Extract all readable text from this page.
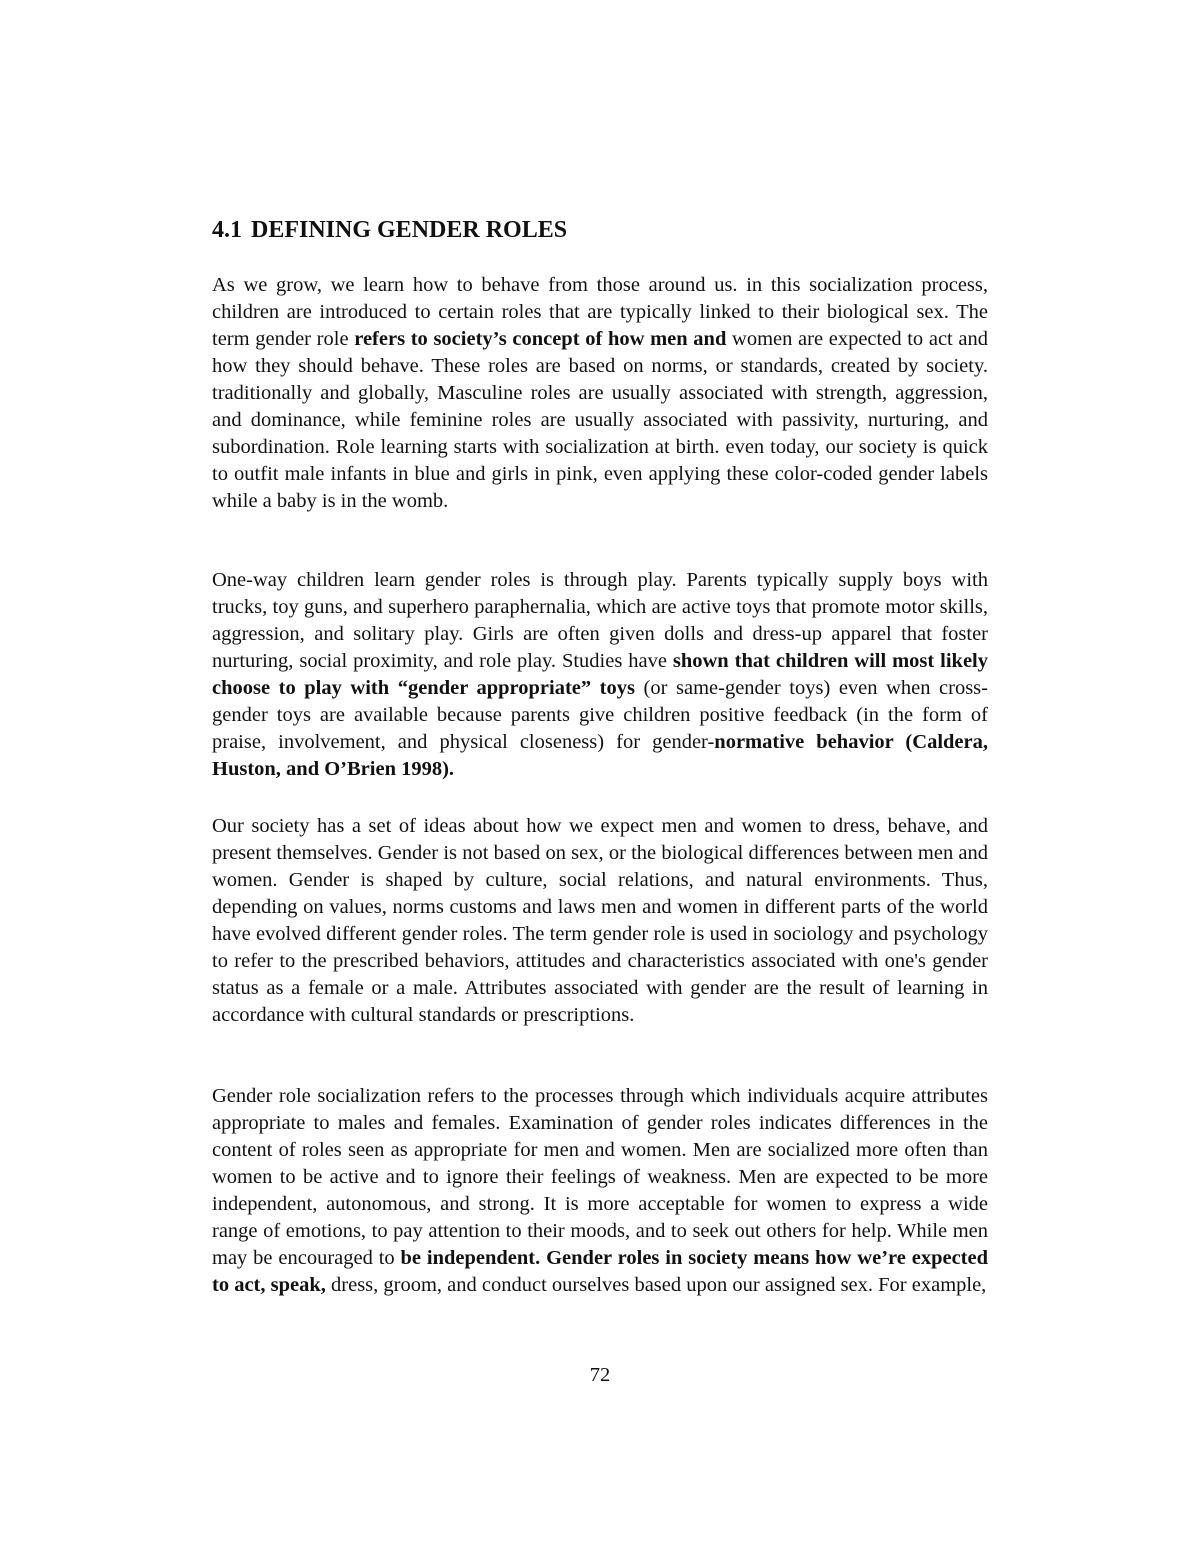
4.1 DEFINING GENDER ROLES

As we grow, we learn how to behave from those around us. in this socialization process, children are introduced to certain roles that are typically linked to their biological sex. The term gender role refers to society’s concept of how men and women are expected to act and how they should behave. These roles are based on norms, or standards, created by society. traditionally and globally, Masculine roles are usually associated with strength, aggression, and dominance, while feminine roles are usually associated with passivity, nurturing, and subordination. Role learning starts with socialization at birth. even today, our society is quick to outfit male infants in blue and girls in pink, even applying these color-coded gender labels while a baby is in the womb.

One-way children learn gender roles is through play. Parents typically supply boys with trucks, toy guns, and superhero paraphernalia, which are active toys that promote motor skills, aggression, and solitary play. Girls are often given dolls and dress-up apparel that foster nurturing, social proximity, and role play. Studies have shown that children will most likely choose to play with “gender appropriate” toys (or same-gender toys) even when cross-gender toys are available because parents give children positive feedback (in the form of praise, involvement, and physical closeness) for gender-normative behavior (Caldera, Huston, and O’Brien 1998).

Our society has a set of ideas about how we expect men and women to dress, behave, and present themselves. Gender is not based on sex, or the biological differences between men and women. Gender is shaped by culture, social relations, and natural environments. Thus, depending on values, norms customs and laws men and women in different parts of the world have evolved different gender roles. The term gender role is used in sociology and psychology to refer to the prescribed behaviors, attitudes and characteristics associated with one's gender status as a female or a male. Attributes associated with gender are the result of learning in accordance with cultural standards or prescriptions.

Gender role socialization refers to the processes through which individuals acquire attributes appropriate to males and females. Examination of gender roles indicates differences in the content of roles seen as appropriate for men and women. Men are socialized more often than women to be active and to ignore their feelings of weakness. Men are expected to be more independent, autonomous, and strong. It is more acceptable for women to express a wide range of emotions, to pay attention to their moods, and to seek out others for help. While men may be encouraged to be independent. Gender roles in society means how we’re expected to act, speak, dress, groom, and conduct ourselves based upon our assigned sex. For example,

72
